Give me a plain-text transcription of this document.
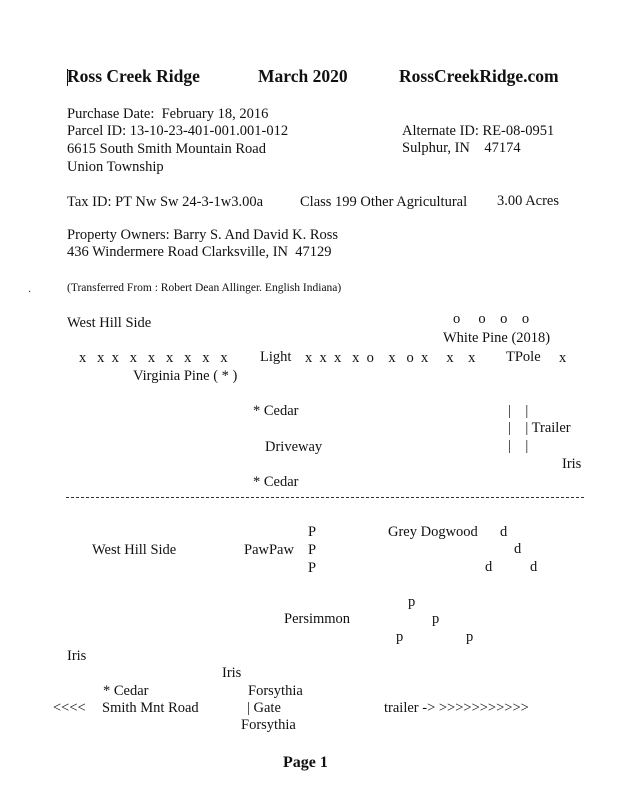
Ross Creek Ridge	March 2020	RossCreekRidge.com
Purchase Date:  February 18, 2016
Parcel ID: 13-10-23-401-001.001-012	Alternate ID: RE-08-0951
6615 South Smith Mountain Road	Sulphur, IN    47174
Union Township
Tax ID: PT Nw Sw 24-3-1w3.00a	Class 199 Other Agricultural 3.00 Acres
Property Owners: Barry S. And David K. Ross
436 Windermere Road Clarksville, IN  47129
·	(Transferred From : Robert Dean Allinger. English Indiana)
West Hill Side	o     o    o    o
White Pine (2018)
x   x  x   x   x   x   x   x   x Light x  x  x   x  o    x   o  x     x    x TPole x
Virginia Pine ( * )
* Cedar	|    |
|    | Trailer
Driveway	|    |
Iris
* Cedar
P	Grey Dogwood d
West Hill Side	PawPaw P	d
P	d	d
p
Persimmon	p
p	p
Iris
Iris
* Cedar	Forsythia
<<<< Smith Mnt Road	| Gate	trailer -> >>>>>>>>>>>
Forsythia
Page 1
